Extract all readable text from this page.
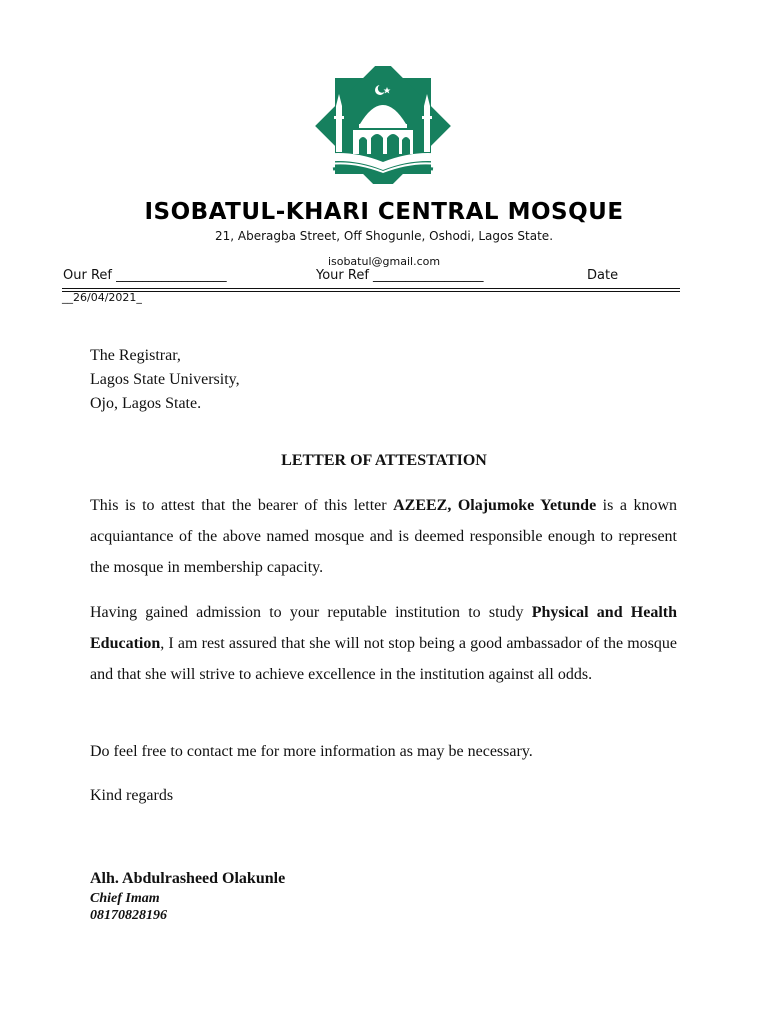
ISOBATUL-KHARI CENTRAL MOSQUE
21, Aberagba Street, Off Shogunle, Oshodi, Lagos State.
isobatul@gmail.com
Our Ref _________________	Your Ref _________________	Date
__26/04/2021_
The Registrar,
Lagos State University,
Ojo, Lagos State.
LETTER OF ATTESTATION

This is to attest that the bearer of this letter AZEEZ, Olajumoke Yetunde is a known acquiantance of the above named mosque and is deemed responsible enough to represent the mosque in membership capacity.

Having gained admission to your reputable institution to study Physical and Health Education, I am rest assured that she will not stop being a good ambassador of the mosque and that she will strive to achieve excellence in the institution against all odds.

Do feel free to contact me for more information as may be necessary.

Kind regards

Alh. Abdulrasheed Olakunle
Chief Imam
08170828196
